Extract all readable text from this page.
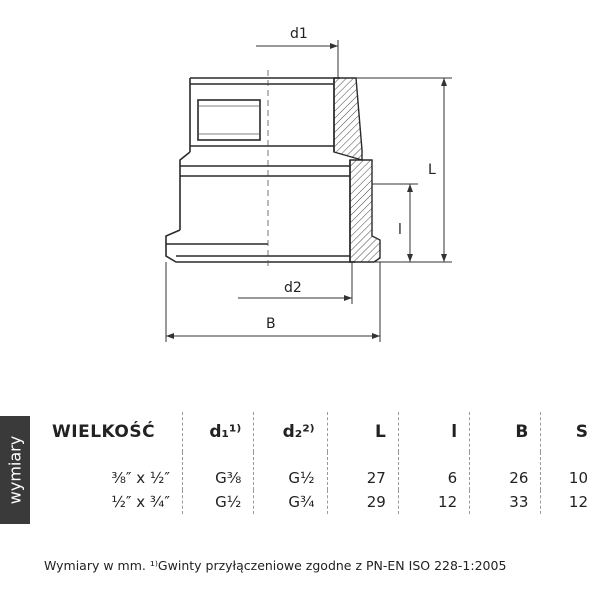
d1
d2
B
L
l
wymiary
WIELKOŚĆ	d₁¹⁾	d₂²⁾	L	l	B	S
⅜″ x ½″	G⅜	G½	27	6	26	10
½″ x ¾″	G½	G¾	29	12	33	12
Wymiary w mm. ¹⁾Gwinty przyłączeniowe zgodne z PN-EN ISO 228-1:2005
